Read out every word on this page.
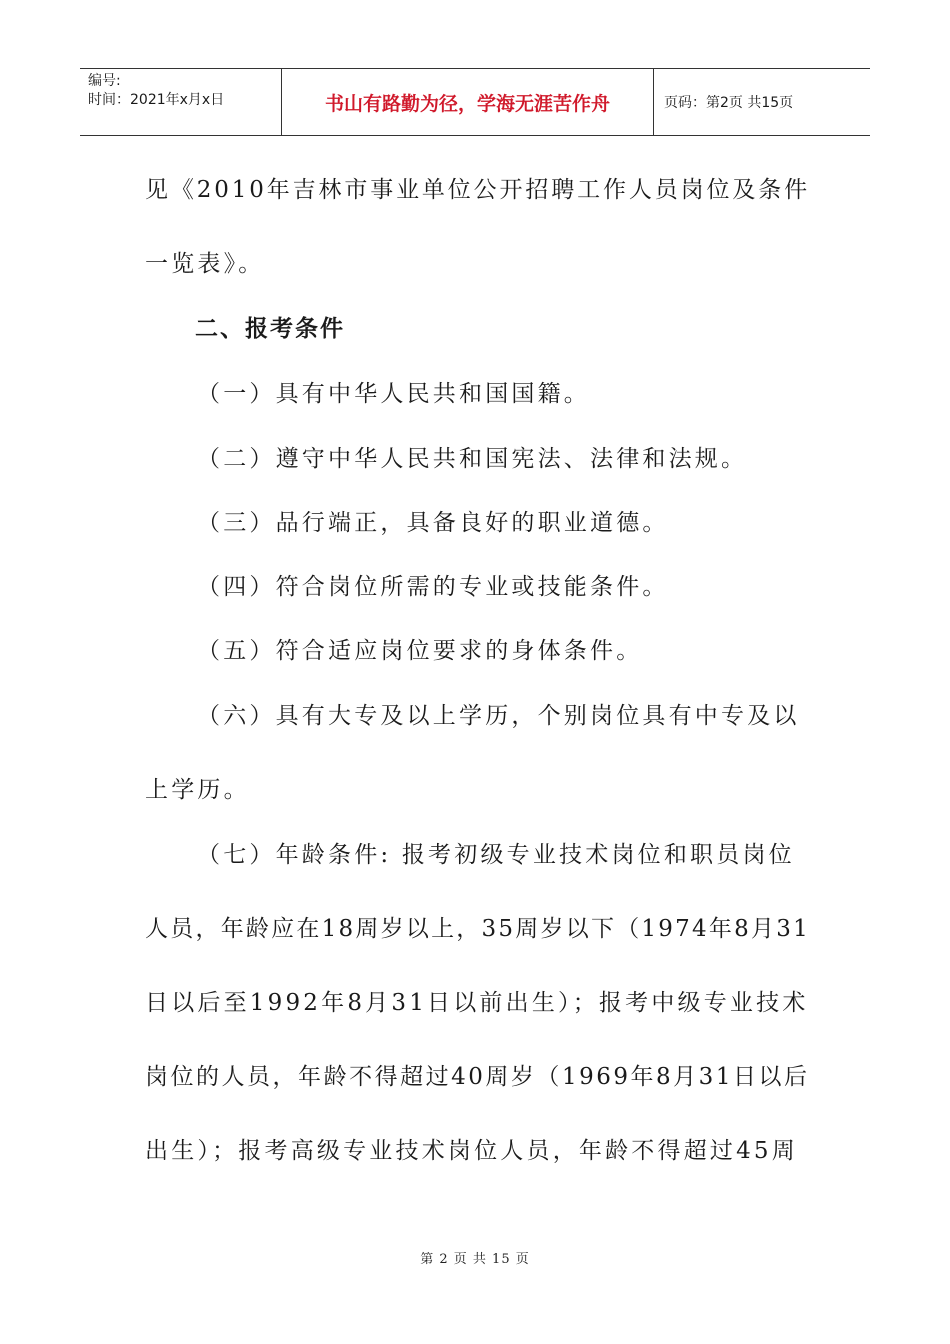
编号:
时间：2021年x月x日	书山有路勤为径，学海无涯苦作舟	页码：第2页 共15页
见《2010年吉林市事业单位公开招聘工作人员岗位及条件
一览表》。
二、报考条件
（一）具有中华人民共和国国籍。
（二）遵守中华人民共和国宪法、法律和法规。
（三）品行端正，具备良好的职业道德。
（四）符合岗位所需的专业或技能条件。
（五）符合适应岗位要求的身体条件。
（六）具有大专及以上学历，个别岗位具有中专及以
上学历。
（七）年龄条件: 报考初级专业技术岗位和职员岗位
人员，年龄应在18周岁以上，35周岁以下（1974年8月31
日以后至1992年8月31日以前出生）；报考中级专业技术
岗位的人员，年龄不得超过40周岁（1969年8月31日以后
出生）；报考高级专业技术岗位人员，年龄不得超过45周
第 2 页 共 15 页
